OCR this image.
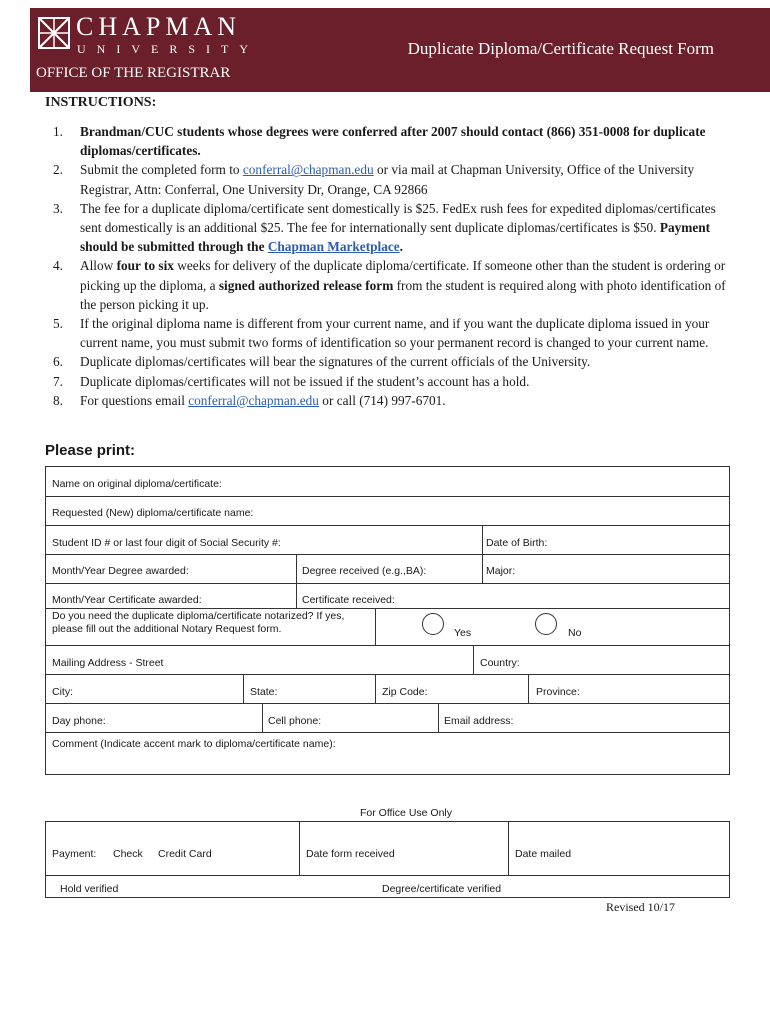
CHAPMAN
UNIVERSITY	Duplicate Diploma/Certificate Request Form
OFFICE OF THE REGISTRAR
INSTRUCTIONS:
1. Brandman/CUC students whose degrees were conferred after 2007 should contact (866) 351-0008 for duplicate diplomas/certificates.
2. Submit the completed form to conferral@chapman.edu or via mail at Chapman University, Office of the University Registrar, Attn: Conferral, One University Dr, Orange, CA 92866
3. The fee for a duplicate diploma/certificate sent domestically is $25. FedEx rush fees for expedited diplomas/certificates sent domestically is an additional $25. The fee for internationally sent duplicate diplomas/certificates is $50. Payment should be submitted through the Chapman Marketplace.
4. Allow four to six weeks for delivery of the duplicate diploma/certificate. If someone other than the student is ordering or picking up the diploma, a signed authorized release form from the student is required along with photo identification of the person picking it up.
5. If the original diploma name is different from your current name, and if you want the duplicate diploma issued in your current name, you must submit two forms of identification so your permanent record is changed to your current name.
6. Duplicate diplomas/certificates will bear the signatures of the current officials of the University.
7. Duplicate diplomas/certificates will not be issued if the student’s account has a hold.
8. For questions email conferral@chapman.edu or call (714) 997-6701.
Please print:
Name on original diploma/certificate:
Requested (New) diploma/certificate name:
Student ID # or last four digit of Social Security #:	Date of Birth:
Month/Year Degree awarded:	Degree received (e.g.,BA):	Major:
Month/Year Certificate awarded:	Certificate received:
Do you need the duplicate diploma/certificate notarized? If yes, please fill out the additional Notary Request form.	Yes	No
Mailing Address - Street	Country:
City:	State:	Zip Code:	Province:
Day phone:	Cell phone:	Email address:
Comment (Indicate accent mark to diploma/certificate name):
For Office Use Only
Payment: Check Credit Card	Date form received	Date mailed
Hold verified	Degree/certificate verified
Revised 10/17
